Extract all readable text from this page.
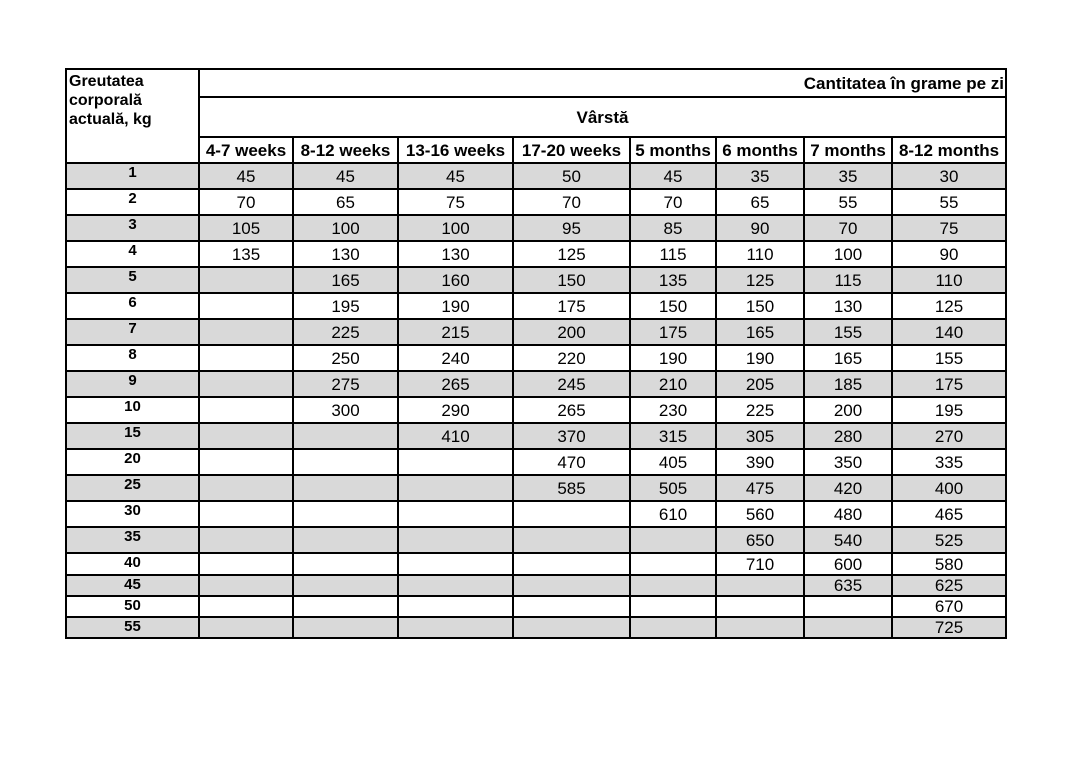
Greutatea corporală actuală, kg	Cantitatea în grame pe zi							
	Vârstă							
	4-7 weeks	8-12 weeks	13-16 weeks	17-20 weeks	5 months	6 months	7 months	8-12 months
1	45	45	45	50	45	35	35	30
2	70	65	75	70	70	65	55	55
3	105	100	100	95	85	90	70	75
4	135	130	130	125	115	110	100	90
5		165	160	150	135	125	115	110
6		195	190	175	150	150	130	125
7		225	215	200	175	165	155	140
8		250	240	220	190	190	165	155
9		275	265	245	210	205	185	175
10		300	290	265	230	225	200	195
15			410	370	315	305	280	270
20				470	405	390	350	335
25				585	505	475	420	400
30					610	560	480	465
35						650	540	525
40						710	600	580
45							635	625
50								670
55								725
